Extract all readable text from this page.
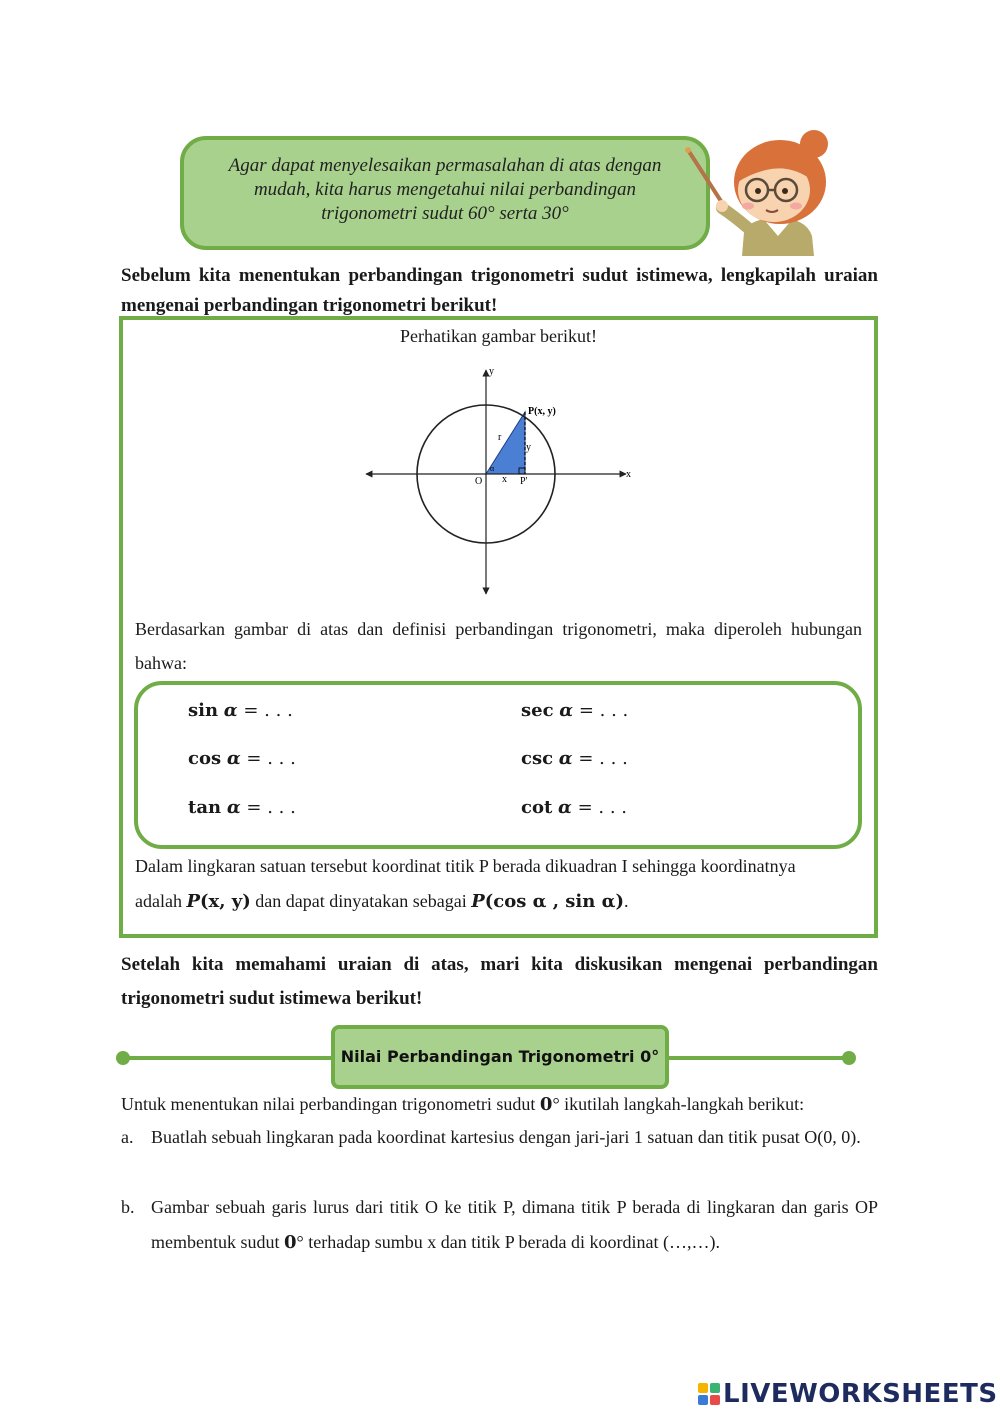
Agar dapat menyelesaikan permasalahan di atas dengan mudah, kita harus mengetahui nilai perbandingan trigonometri sudut 60° serta 30°

Sebelum kita menentukan perbandingan trigonometri sudut istimewa, lengkapilah uraian mengenai perbandingan trigonometri berikut!
Perhatikan gambar berikut!
y
x
P(x, y)
r
y
O x P'
α
Berdasarkan gambar di atas dan definisi perbandingan trigonometri, maka diperoleh hubungan bahwa:
sin α = . . .
cos α = . . .
tan α = . . .
sec α = . . .
csc α = . . .
cot α = . . .
Dalam lingkaran satuan tersebut koordinat titik P berada dikuadran I sehingga koordinatnya
adalah P(x, y) dan dapat dinyatakan sebagai P(cos α , sin α).
Setelah kita memahami uraian di atas, mari kita diskusikan mengenai perbandingan trigonometri sudut istimewa berikut!
Nilai Perbandingan Trigonometri 0°
Untuk menentukan nilai perbandingan trigonometri sudut 0° ikutilah langkah-langkah berikut:
a. Buatlah sebuah lingkaran pada koordinat kartesius dengan jari-jari 1 satuan dan titik pusat O(0, 0).
b. Gambar sebuah garis lurus dari titik O ke titik P, dimana titik P berada di lingkaran dan garis OP membentuk sudut 0° terhadap sumbu x dan titik P berada di koordinat (…,…).
LIVEWORKSHEETS
